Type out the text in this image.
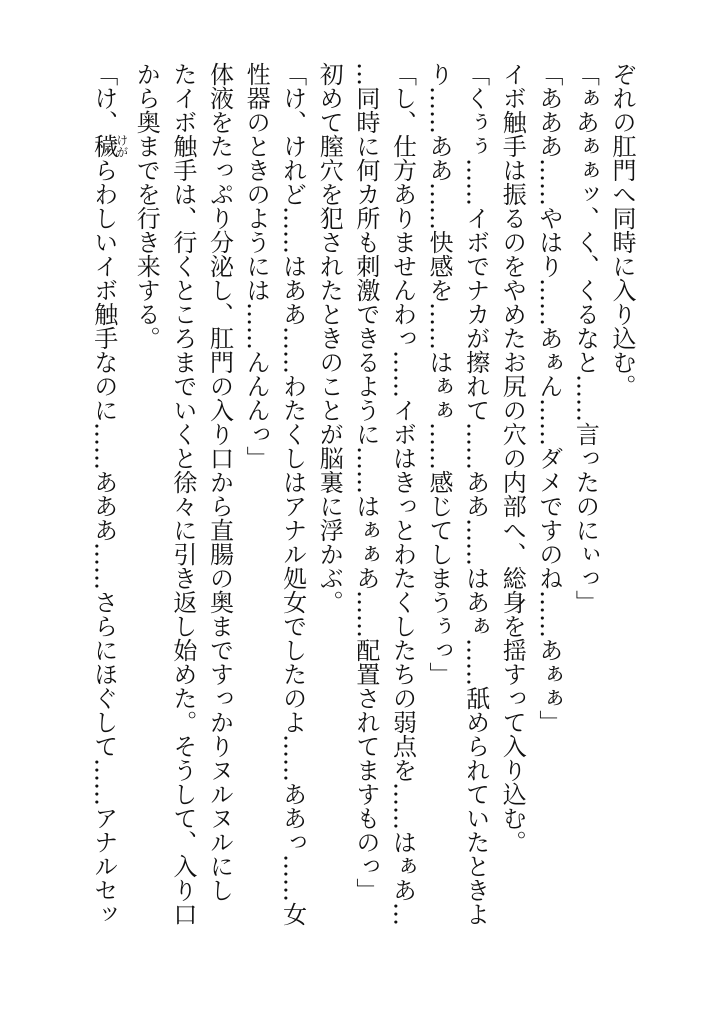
ぞれの肛門へ同時に入り込む。

「ぁあぁぁッ、く、くるなと……言ったのにぃっ」

「あああ……やはり……あぁん……ダメですのね……あぁぁ」

イボ触手は振るのをやめたお尻の穴の内部へ、総身を揺すって入り込む。

「くぅぅ……イボでナカが擦れて……ああ……はあぁ……舐められていたときよ

り……ああ……快感を……はぁぁ……感じてしまうぅっ」

「し、仕方ありませんわっ……イボはきっとわたくしたちの弱点を……はぁあ…

…同時に何カ所も刺激できるように……はぁぁあ……配置されてますものっ」

初めて膣穴を犯されたときのことが脳裏に浮かぶ。

「け、けれど……はああ……わたくしはアナル処女でしたのよ……ああっ……女

性器のときのようには……んんんっ」

体液をたっぷり分泌し、肛門の入り口から直腸の奥まですっかりヌルヌルにし

たイボ触手は、行くところまでいくと徐々に引き返し始めた。そうして、入り口

から奥までを行き来する。

「け、穢けがらわしいイボ触手なのに……あああ……さらにほぐして……アナルセッ
